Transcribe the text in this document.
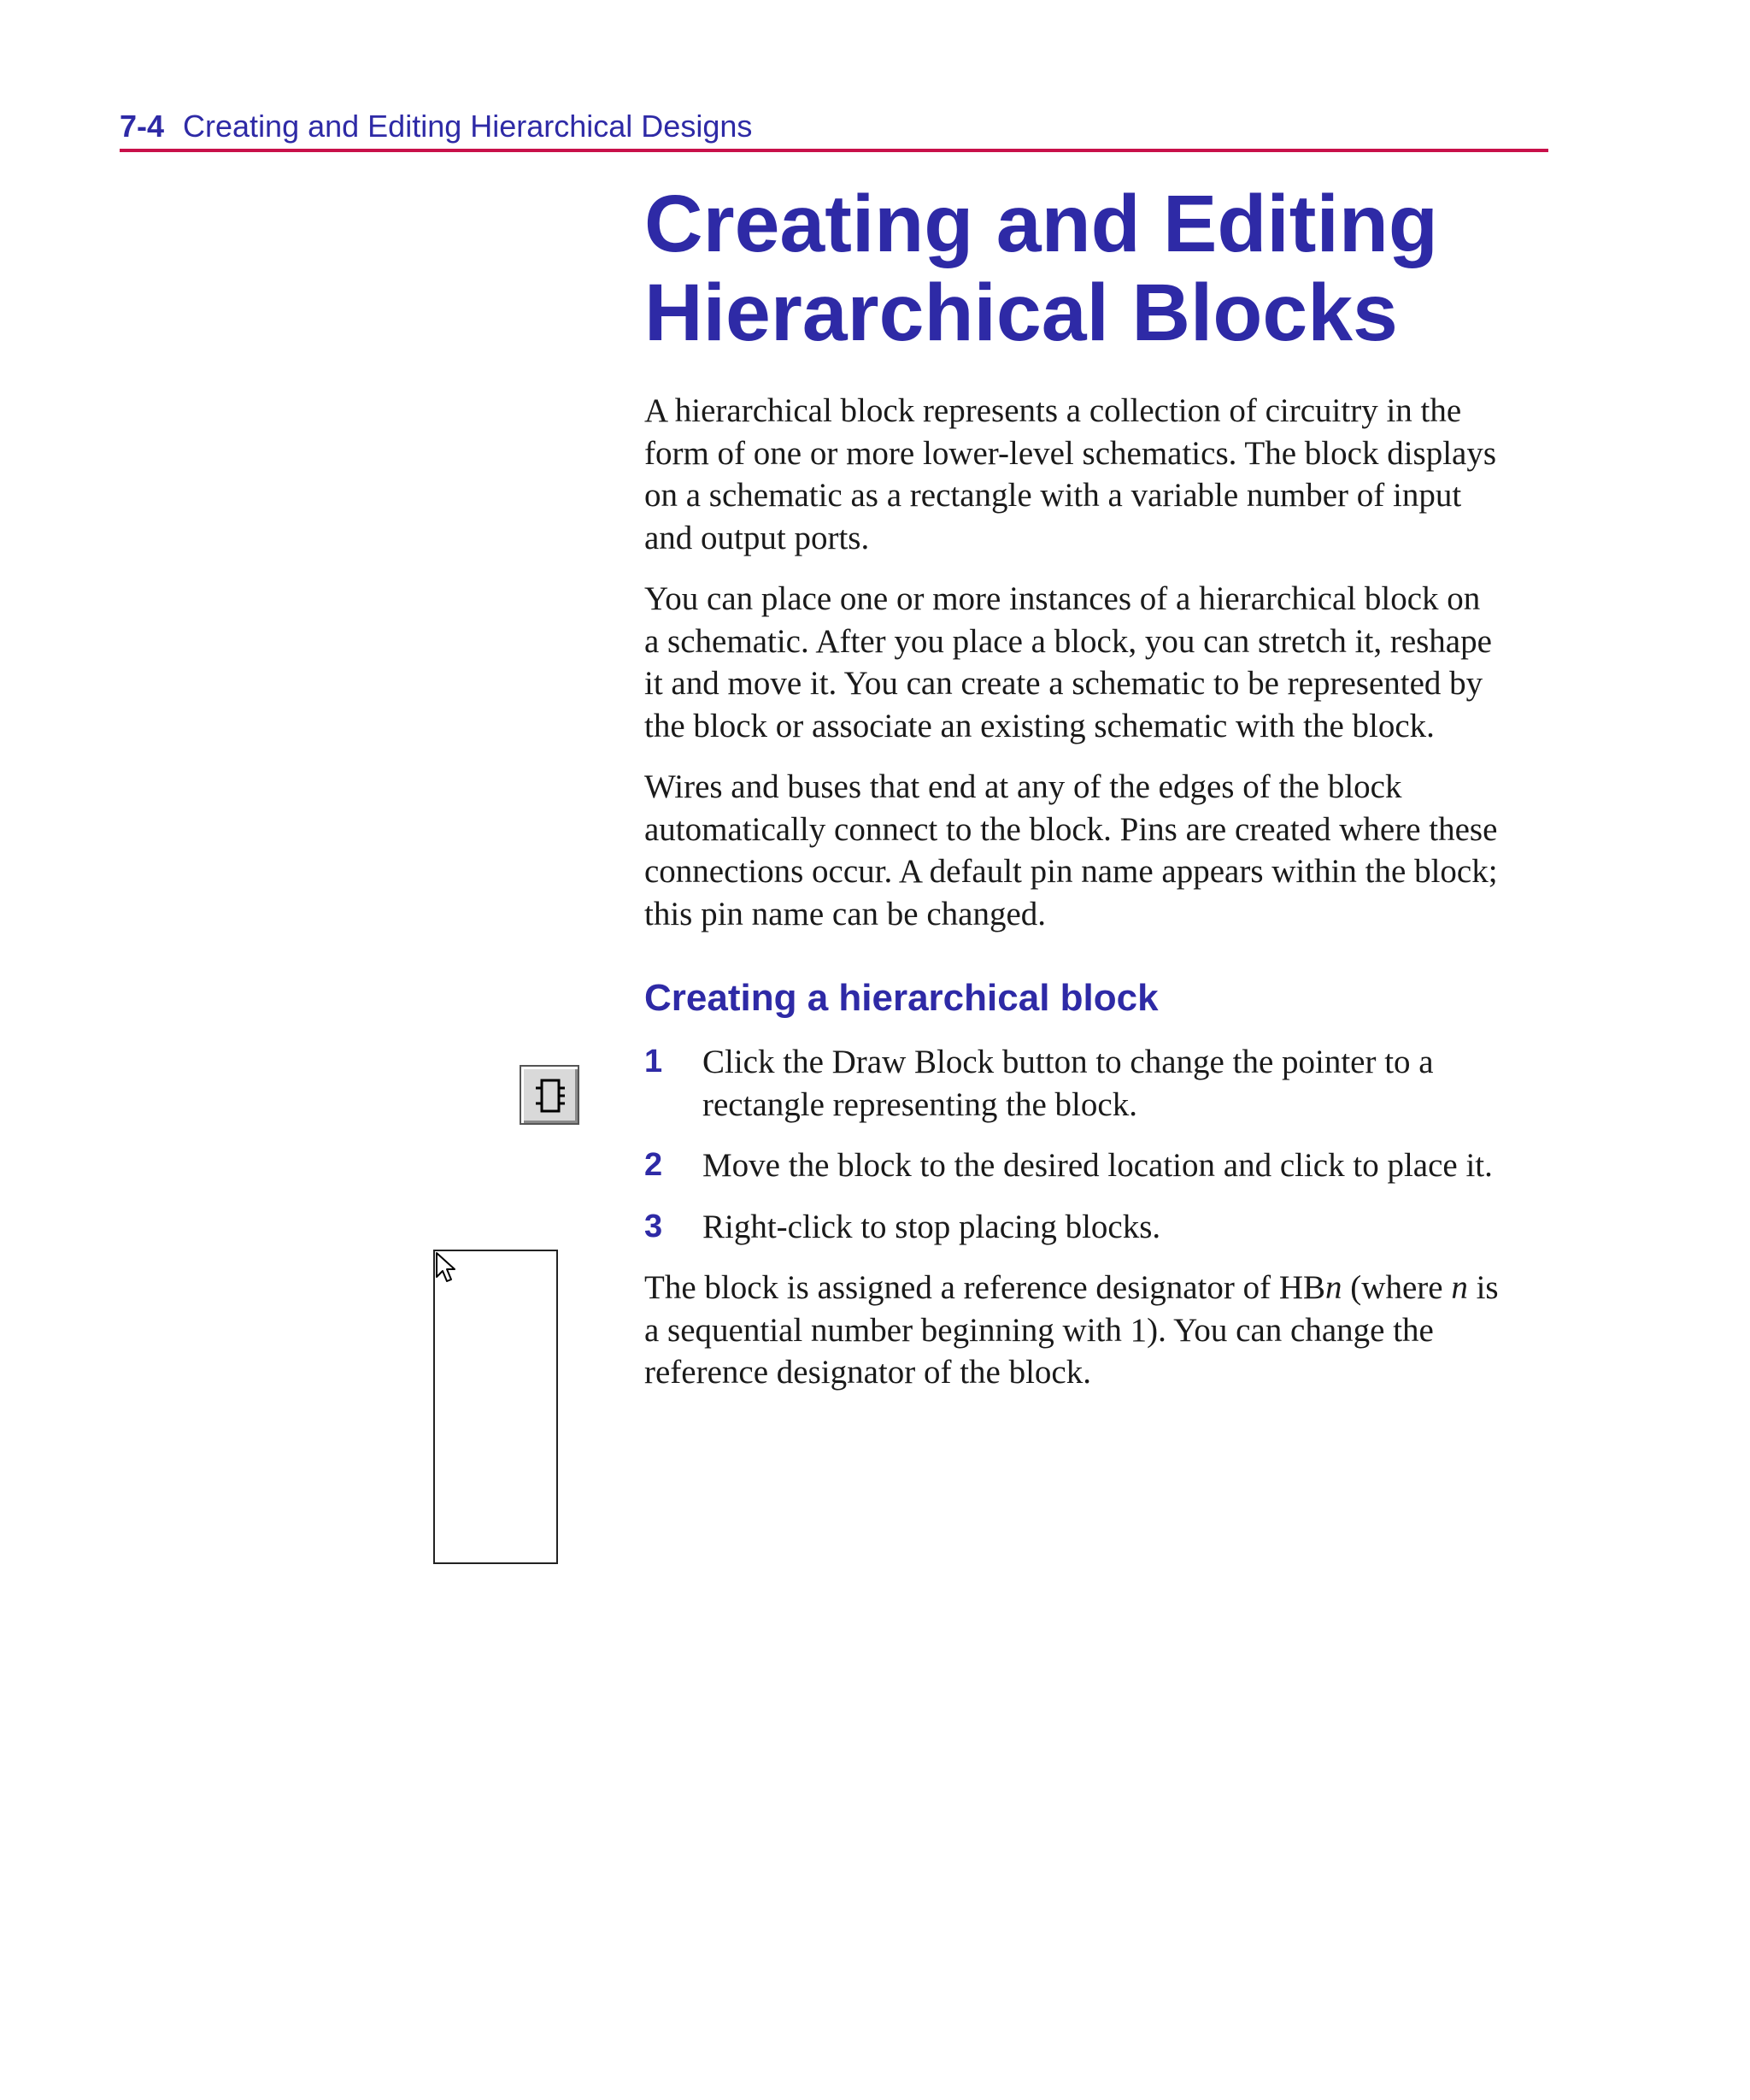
7-4 Creating and Editing Hierarchical Designs
Creating and Editing
Hierarchical Blocks

A hierarchical block represents a collection of circuitry in the
form of one or more lower-level schematics. The block displays
on a schematic as a rectangle with a variable number of input
and output ports.

You can place one or more instances of a hierarchical block on
a schematic. After you place a block, you can stretch it, reshape
it and move it. You can create a schematic to be represented by
the block or associate an existing schematic with the block.

Wires and buses that end at any of the edges of the block
automatically connect to the block. Pins are created where these
connections occur. A default pin name appears within the block;
this pin name can be changed.

Creating a hierarchical block
1 Click the Draw Block button to change the pointer to a
rectangle representing the block.
2 Move the block to the desired location and click to place it.
3 Right-click to stop placing blocks.

The block is assigned a reference designator of HBn (where n is
a sequential number beginning with 1). You can change the
reference designator of the block.
